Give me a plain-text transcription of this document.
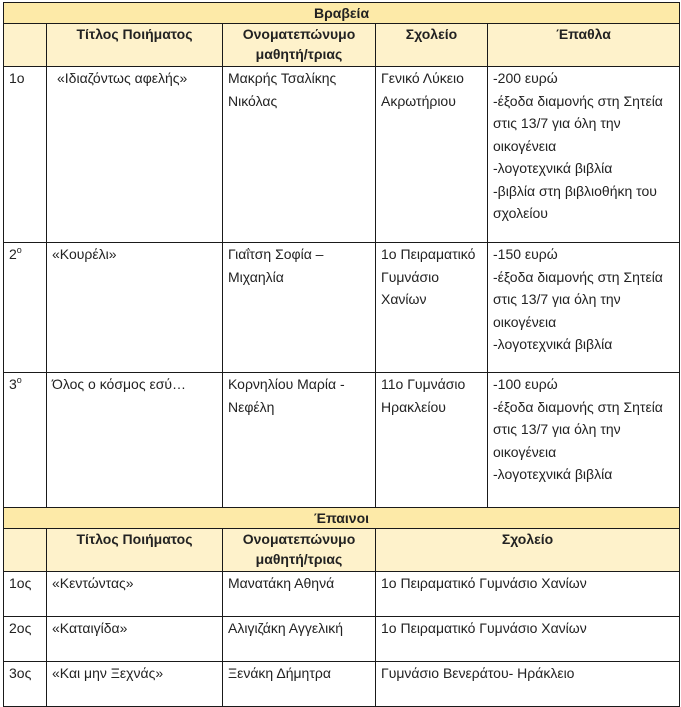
Βραβεία				
	Τίτλος Ποιήματος	Ονοματεπώνυμο μαθητή/τριας	Σχολείο	Έπαθλα
1ο	«Ιδιαζόντως αφελής»	Μακρής Τσαλίκης Νικόλας	Γενικό Λύκειο Ακρωτήριου	-200 ευρώ
-έξοδα διαμονής στη Σητεία στις 13/7 για όλη την οικογένεια
-λογοτεχνικά βιβλία
-βιβλία στη βιβλιοθήκη του σχολείου
$2^o$	«Κουρέλι»	Γιαΐτση Σοφία – Μιχαηλία	1ο Πειραματικό Γυμνάσιο Χανίων	-150 ευρώ
-έξοδα διαμονής στη Σητεία στις 13/7 για όλη την οικογένεια
-λογοτεχνικά βιβλία
$3^o$	Όλος ο κόσμος εσύ…	Κορνηλίου Μαρία - Νεφέλη	11ο Γυμνάσιο Ηρακλείου	-100 ευρώ
-έξοδα διαμονής στη Σητεία στις 13/7 για όλη την οικογένεια
-λογοτεχνικά βιβλία
Έπαινοι				
	Τίτλος Ποιήματος	Ονοματεπώνυμο μαθητή/τριας	Σχολείο	
1ος	«Κεντώντας»	Μανατάκη Αθηνά	1ο Πειραματικό Γυμνάσιο Χανίων	
2ος	«Καταιγίδα»	Αλιγιζάκη Αγγελική	1ο Πειραματικό Γυμνάσιο Χανίων	
3ος	«Και μην Ξεχνάς»	Ξενάκη Δήμητρα	Γυμνάσιο Βενεράτου- Ηράκλειο	
